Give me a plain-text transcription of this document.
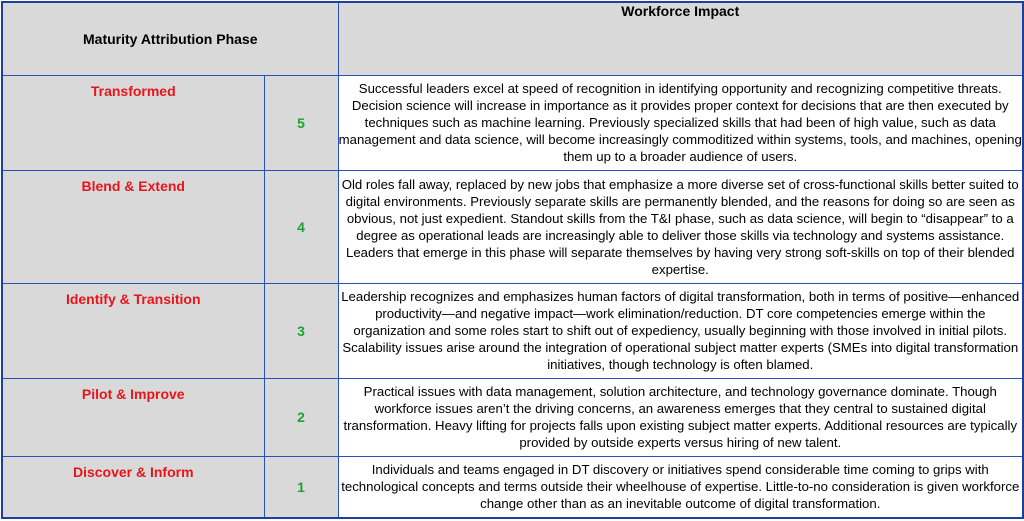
Maturity Attribution Phase		Workforce Impact

Transformed	5	Successful leaders excel at speed of recognition in identifying opportunity and recognizing competitive threats. Decision science will increase in importance as it provides proper context for decisions that are then executed by techniques such as machine learning. Previously specialized skills that had been of high value, such as data management and data science, will become increasingly commoditized within systems, tools, and machines, opening them up to a broader audience of users.

Blend & Extend	4	Old roles fall away, replaced by new jobs that emphasize a more diverse set of cross-functional skills better suited to digital environments. Previously separate skills are permanently blended, and the reasons for doing so are seen as obvious, not just expedient. Standout skills from the T&I phase, such as data science, will begin to “disappear” to a degree as operational leads are increasingly able to deliver those skills via technology and systems assistance. Leaders that emerge in this phase will separate themselves by having very strong soft-skills on top of their blended expertise.

Identify & Transition	3	Leadership recognizes and emphasizes human factors of digital transformation, both in terms of positive—enhanced productivity—and negative impact—work elimination/reduction. DT core competencies emerge within the organization and some roles start to shift out of expediency, usually beginning with those involved in initial pilots. Scalability issues arise around the integration of operational subject matter experts (SMEs into digital transformation initiatives, though technology is often blamed.

Pilot & Improve	2	Practical issues with data management, solution architecture, and technology governance dominate. Though workforce issues aren’t the driving concerns, an awareness emerges that they central to sustained digital transformation. Heavy lifting for projects falls upon existing subject matter experts. Additional resources are typically provided by outside experts versus hiring of new talent.

Discover & Inform	1	Individuals and teams engaged in DT discovery or initiatives spend considerable time coming to grips with technological concepts and terms outside their wheelhouse of expertise. Little-to-no consideration is given workforce change other than as an inevitable outcome of digital transformation.
